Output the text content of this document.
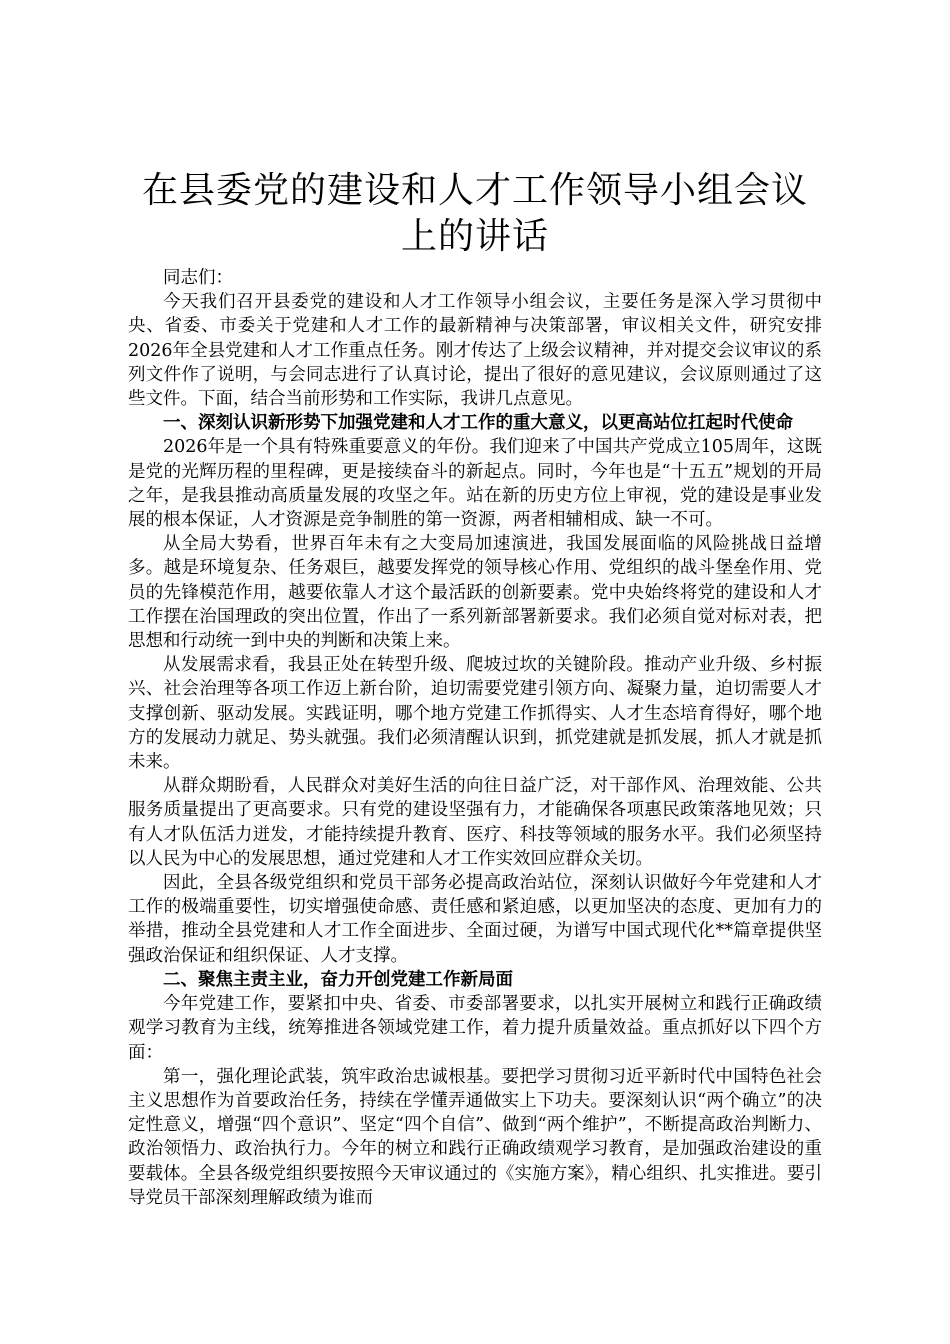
在县委党的建设和人才工作领导小组会议上的讲话

同志们：

今天我们召开县委党的建设和人才工作领导小组会议，主要任务是深入学习贯彻中央、省委、市委关于党建和人才工作的最新精神与决策部署，审议相关文件，研究安排2026年全县党建和人才工作重点任务。刚才传达了上级会议精神，并对提交会议审议的系列文件作了说明，与会同志进行了认真讨论，提出了很好的意见建议，会议原则通过了这些文件。下面，结合当前形势和工作实际，我讲几点意见。

一、深刻认识新形势下加强党建和人才工作的重大意义，以更高站位扛起时代使命

2026年是一个具有特殊重要意义的年份。我们迎来了中国共产党成立105周年，这既是党的光辉历程的里程碑，更是接续奋斗的新起点。同时，今年也是“十五五”规划的开局之年，是我县推动高质量发展的攻坚之年。站在新的历史方位上审视，党的建设是事业发展的根本保证，人才资源是竞争制胜的第一资源，两者相辅相成、缺一不可。

从全局大势看，世界百年未有之大变局加速演进，我国发展面临的风险挑战日益增多。越是环境复杂、任务艰巨，越要发挥党的领导核心作用、党组织的战斗堡垒作用、党员的先锋模范作用，越要依靠人才这个最活跃的创新要素。党中央始终将党的建设和人才工作摆在治国理政的突出位置，作出了一系列新部署新要求。我们必须自觉对标对表，把思想和行动统一到中央的判断和决策上来。

从发展需求看，我县正处在转型升级、爬坡过坎的关键阶段。推动产业升级、乡村振兴、社会治理等各项工作迈上新台阶，迫切需要党建引领方向、凝聚力量，迫切需要人才支撑创新、驱动发展。实践证明，哪个地方党建工作抓得实、人才生态培育得好，哪个地方的发展动力就足、势头就强。我们必须清醒认识到，抓党建就是抓发展，抓人才就是抓未来。

从群众期盼看，人民群众对美好生活的向往日益广泛，对干部作风、治理效能、公共服务质量提出了更高要求。只有党的建设坚强有力，才能确保各项惠民政策落地见效；只有人才队伍活力迸发，才能持续提升教育、医疗、科技等领域的服务水平。我们必须坚持以人民为中心的发展思想，通过党建和人才工作实效回应群众关切。

因此，全县各级党组织和党员干部务必提高政治站位，深刻认识做好今年党建和人才工作的极端重要性，切实增强使命感、责任感和紧迫感，以更加坚决的态度、更加有力的举措，推动全县党建和人才工作全面进步、全面过硬，为谱写中国式现代化**篇章提供坚强政治保证和组织保证、人才支撑。

二、聚焦主责主业，奋力开创党建工作新局面

今年党建工作，要紧扣中央、省委、市委部署要求，以扎实开展树立和践行正确政绩观学习教育为主线，统筹推进各领域党建工作，着力提升质量效益。重点抓好以下四个方面：

第一，强化理论武装，筑牢政治忠诚根基。要把学习贯彻习近平新时代中国特色社会主义思想作为首要政治任务，持续在学懂弄通做实上下功夫。要深刻认识“两个确立”的决定性意义，增强“四个意识”、坚定“四个自信”、做到“两个维护”，不断提高政治判断力、政治领悟力、政治执行力。今年的树立和践行正确政绩观学习教育，是加强政治建设的重要载体。全县各级党组织要按照今天审议通过的《实施方案》，精心组织、扎实推进。要引导党员干部深刻理解政绩为谁而
